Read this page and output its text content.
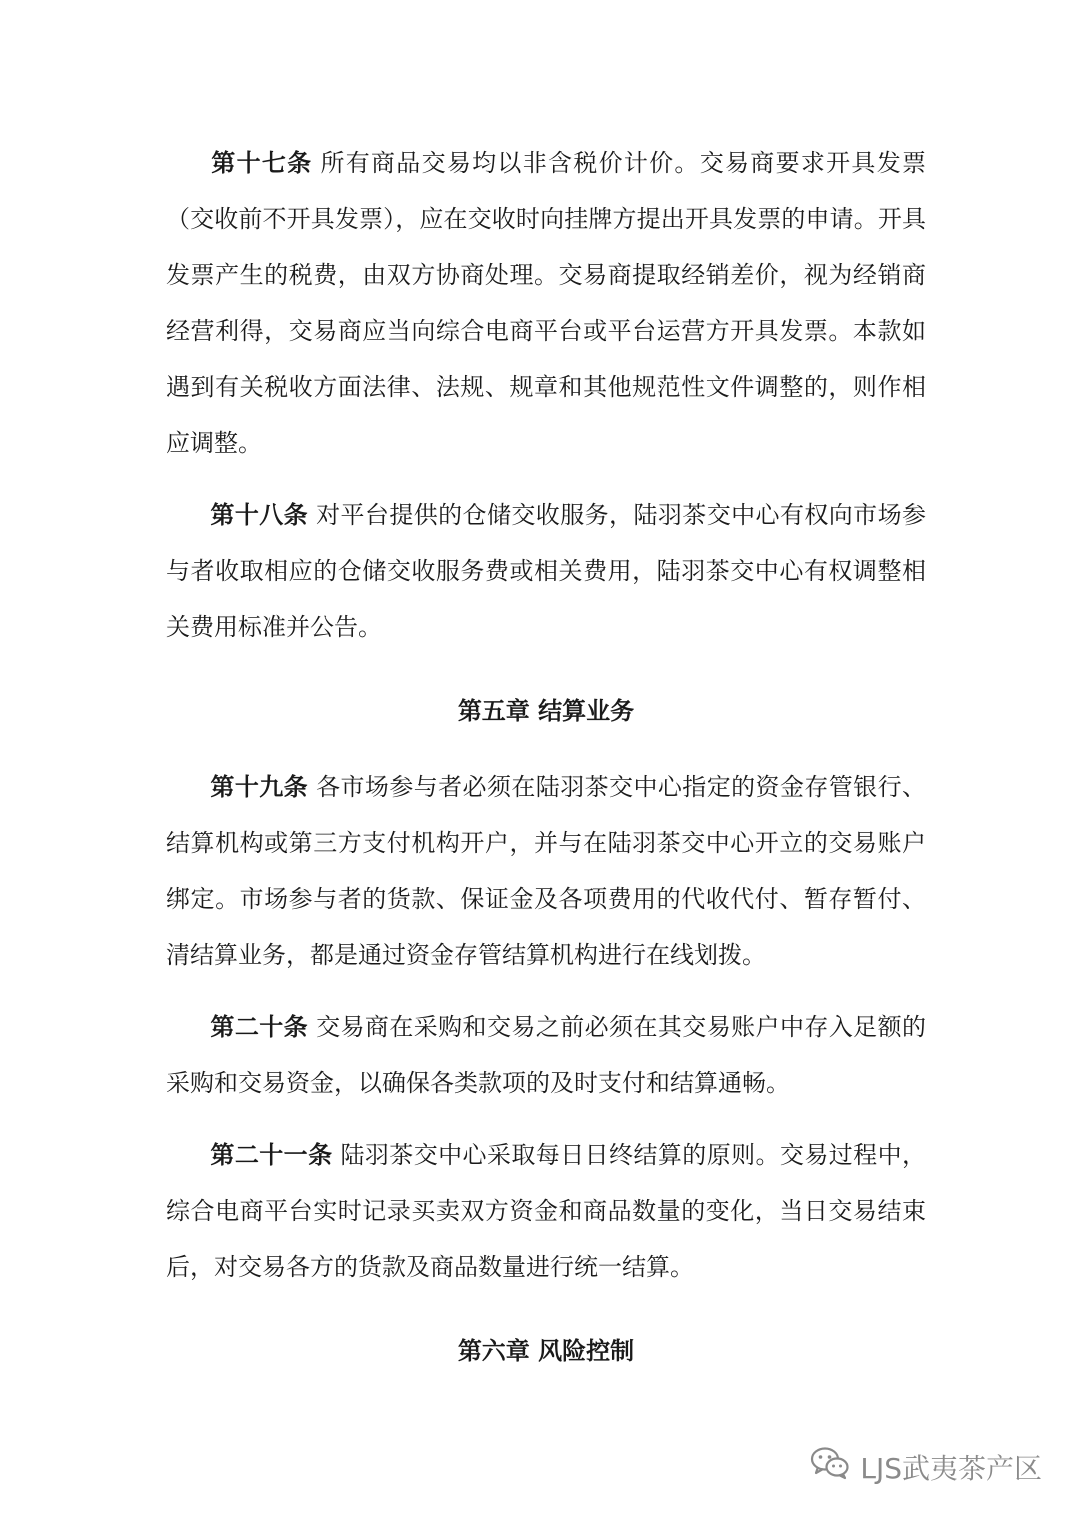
第十七条 所有商品交易均以非含税价计价。交易商要求开具发票（交收前不开具发票），应在交收时向挂牌方提出开具发票的申请。开具发票产生的税费，由双方协商处理。交易商提取经销差价，视为经销商经营利得，交易商应当向综合电商平台或平台运营方开具发票。本款如遇到有关税收方面法律、法规、规章和其他规范性文件调整的，则作相应调整。

第十八条 对平台提供的仓储交收服务，陆羽茶交中心有权向市场参与者收取相应的仓储交收服务费或相关费用，陆羽茶交中心有权调整相关费用标准并公告。

第五章 结算业务

第十九条 各市场参与者必须在陆羽茶交中心指定的资金存管银行、结算机构或第三方支付机构开户，并与在陆羽茶交中心开立的交易账户绑定。市场参与者的货款、保证金及各项费用的代收代付、暂存暂付、清结算业务，都是通过资金存管结算机构进行在线划拨。

第二十条 交易商在采购和交易之前必须在其交易账户中存入足额的采购和交易资金，以确保各类款项的及时支付和结算通畅。

第二十一条 陆羽茶交中心采取每日日终结算的原则。交易过程中，综合电商平台实时记录买卖双方资金和商品数量的变化，当日交易结束后，对交易各方的货款及商品数量进行统一结算。

第六章 风险控制
LJS武夷茶产区
